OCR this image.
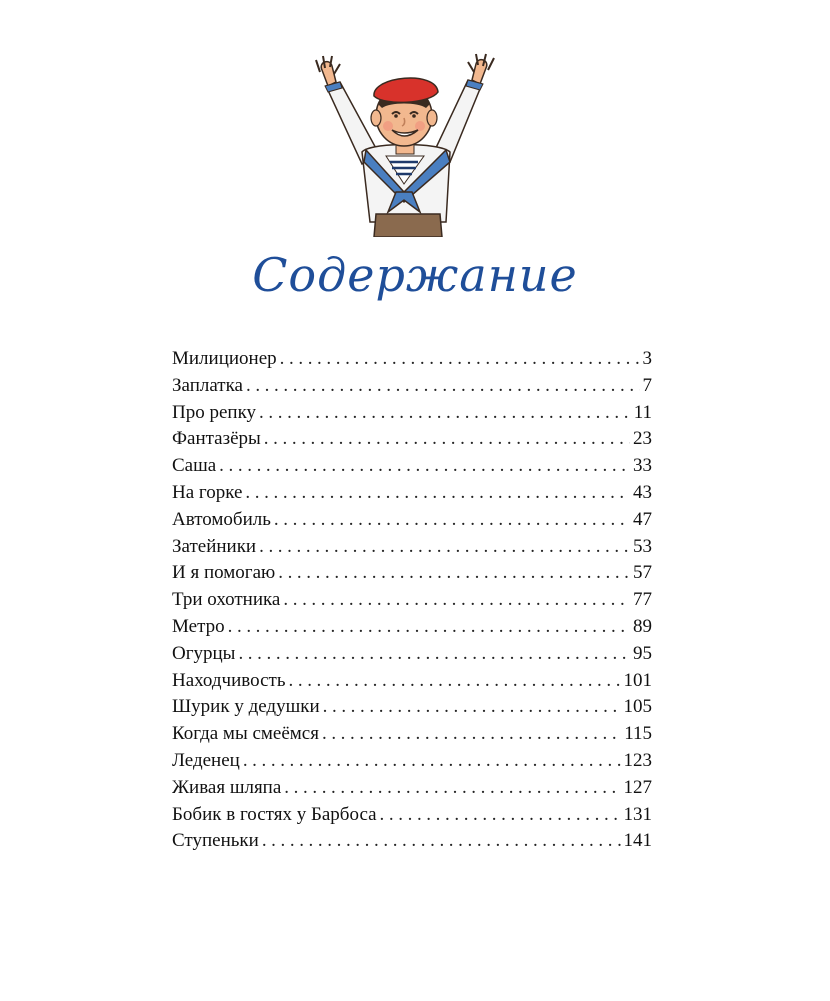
Содержание
Милиционер .....	3
Заплатка .....	7
Про репку .....	11
Фантазёры .....	23
Саша .....	33
На горке .....	43
Автомобиль .....	47
Затейники .....	53
И я помогаю .....	57
Три охотника .....	77
Метро .....	89
Огурцы .....	95
Находчивость .....	101
Шурик у дедушки .....	105
Когда мы смеёмся .....	115
Леденец .....	123
Живая шляпа .....	127
Бобик в гостях у Барбоса .....	131
Ступеньки .....	141
